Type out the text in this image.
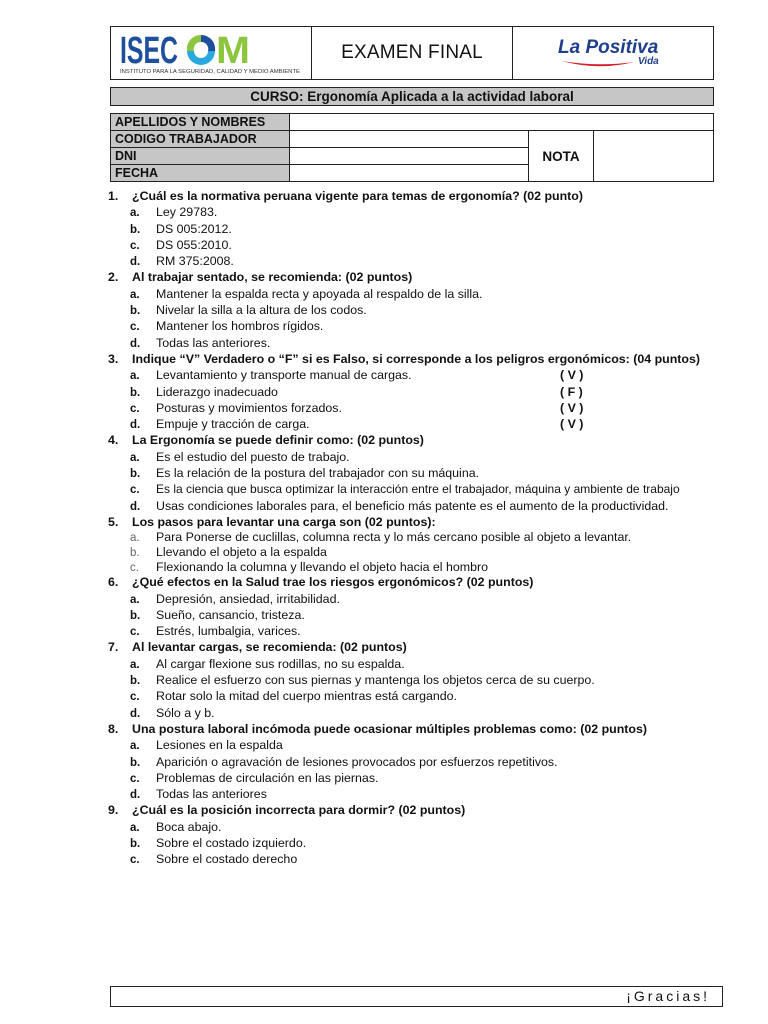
ISEC M
INSTITUTO PARA LA SEGURIDAD, CALIDAD Y MEDIO AMBIENTE
EXAMEN FINAL	La Positiva
Vida
CURSO: Ergonomía Aplicada a la actividad laboral
APELLIDOS Y NOMBRES			
CODIGO TRABAJADOR		NOTA	
DNI			
FECHA			
1. ¿Cuál es la normativa peruana vigente para temas de ergonomía? (02 punto)
a. Ley 29783.
b. DS 005:2012.
c. DS 055:2010.
d. RM 375:2008.
2. Al trabajar sentado, se recomienda: (02 puntos)
a. Mantener la espalda recta y apoyada al respaldo de la silla.
b. Nivelar la silla a la altura de los codos.
c. Mantener los hombros rígidos.
d. Todas las anteriores.
3. Indique “V” Verdadero o “F” si es Falso, si corresponde a los peligros ergonómicos: (04 puntos)
a. Levantamiento y transporte manual de cargas.	( V )
b. Liderazgo inadecuado	( F )
c. Posturas y movimientos forzados.	( V )
d. Empuje y tracción de carga.	( V )
4. La Ergonomía se puede definir como: (02 puntos)
a. Es el estudio del puesto de trabajo.
b. Es la relación de la postura del trabajador con su máquina.
c. Es la ciencia que busca optimizar la interacción entre el trabajador, máquina y ambiente de trabajo
d. Usas condiciones laborales para, el beneficio más patente es el aumento de la productividad.
5. Los pasos para levantar una carga son (02 puntos):
a. Para Ponerse de cuclillas, columna recta y lo más cercano posible al objeto a levantar.
b. Llevando el objeto a la espalda
c. Flexionando la columna y llevando el objeto hacia el hombro
6. ¿Qué efectos en la Salud trae los riesgos ergonómicos? (02 puntos)
a. Depresión, ansiedad, irritabilidad.
b. Sueño, cansancio, tristeza.
c. Estrés, lumbalgia, varices.
7. Al levantar cargas, se recomienda: (02 puntos)
a. Al cargar flexione sus rodillas, no su espalda.
b. Realice el esfuerzo con sus piernas y mantenga los objetos cerca de su cuerpo.
c. Rotar solo la mitad del cuerpo mientras está cargando.
d. Sólo a y b.
8. Una postura laboral incómoda puede ocasionar múltiples problemas como: (02 puntos)
a. Lesiones en la espalda
b. Aparición o agravación de lesiones provocados por esfuerzos repetitivos.
c. Problemas de circulación en las piernas.
d. Todas las anteriores
9. ¿Cuál es la posición incorrecta para dormir? (02 puntos)
a. Boca abajo.
b. Sobre el costado izquierdo.
c. Sobre el costado derecho
¡Gracias!
